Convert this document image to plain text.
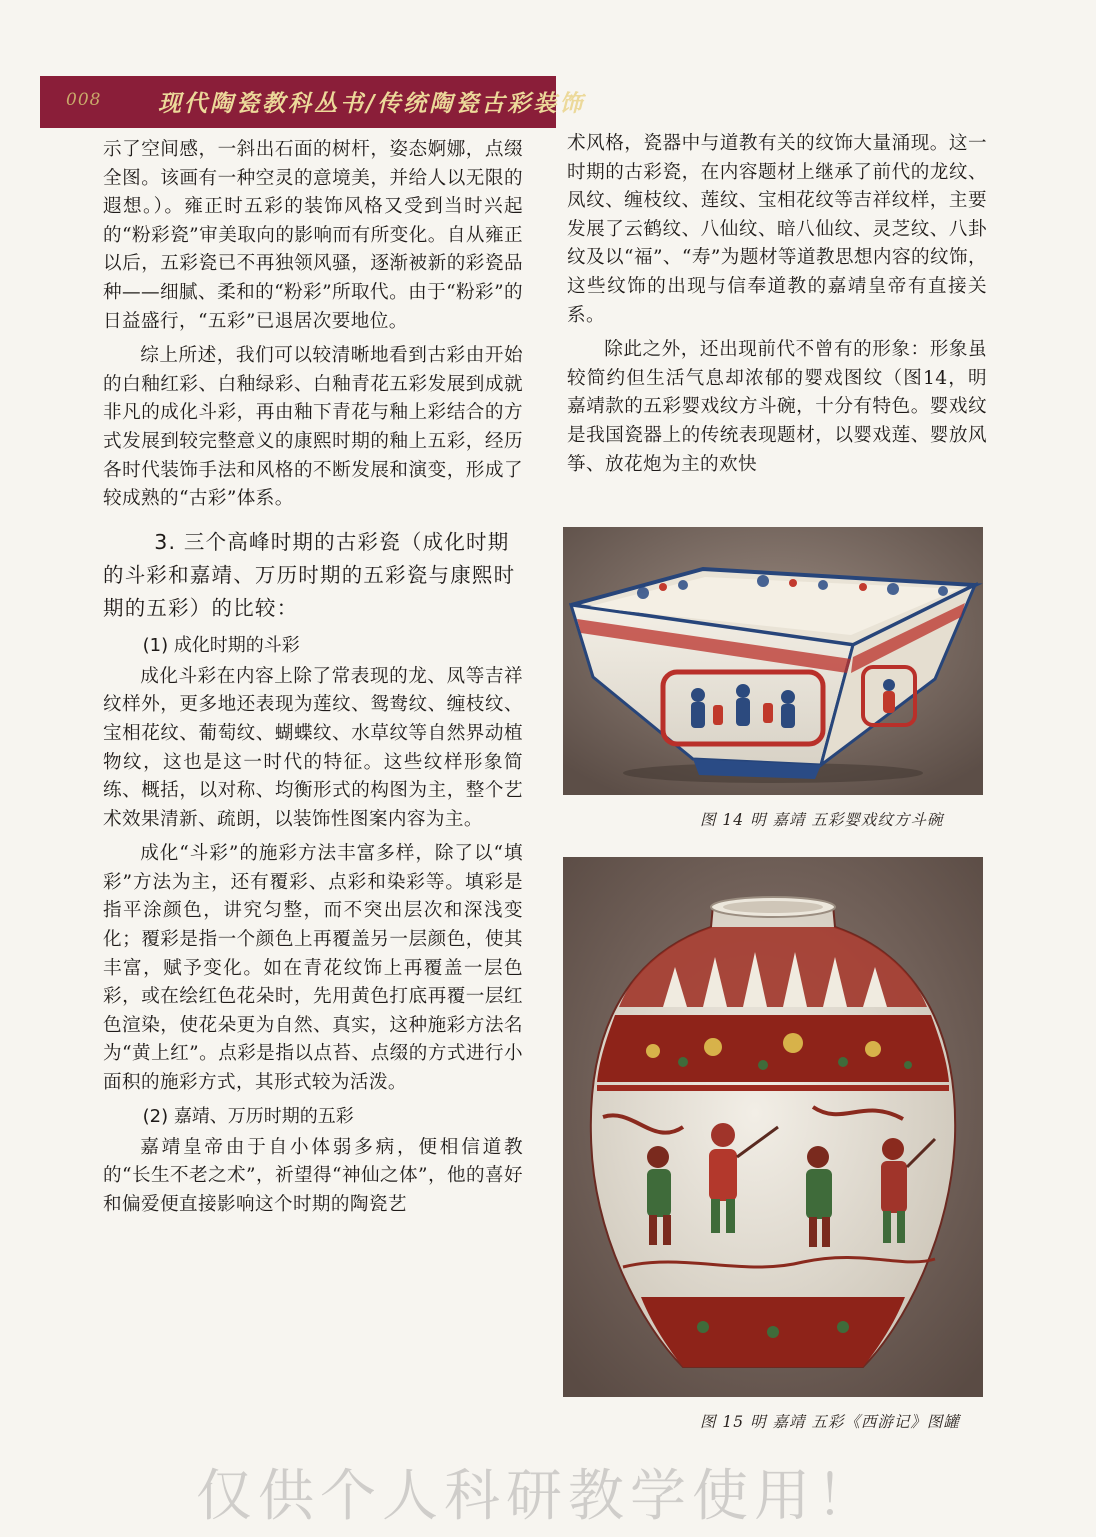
008 现代陶瓷教科丛书/传统陶瓷古彩装饰

示了空间感，一斜出石面的树杆，姿态婀娜，点缀全图。该画有一种空灵的意境美，并给人以无限的遐想。）。雍正时五彩的装饰风格又受到当时兴起的“粉彩瓷”审美取向的影响而有所变化。自从雍正以后，五彩瓷已不再独领风骚，逐渐被新的彩瓷品种——细腻、柔和的“粉彩”所取代。由于“粉彩”的日益盛行，“五彩”已退居次要地位。

综上所述，我们可以较清晰地看到古彩由开始的白釉红彩、白釉绿彩、白釉青花五彩发展到成就非凡的成化斗彩，再由釉下青花与釉上彩结合的方式发展到较完整意义的康熙时期的釉上五彩，经历各时代装饰手法和风格的不断发展和演变，形成了较成熟的“古彩”体系。

3. 三个高峰时期的古彩瓷（成化时期的斗彩和嘉靖、万历时期的五彩瓷与康熙时期的五彩）的比较：
(1) 成化时期的斗彩

成化斗彩在内容上除了常表现的龙、凤等吉祥纹样外，更多地还表现为莲纹、鸳鸯纹、缠枝纹、宝相花纹、葡萄纹、蝴蝶纹、水草纹等自然界动植物纹，这也是这一时代的特征。这些纹样形象简练、概括，以对称、均衡形式的构图为主，整个艺术效果清新、疏朗，以装饰性图案内容为主。

成化“斗彩”的施彩方法丰富多样，除了以“填彩”方法为主，还有覆彩、点彩和染彩等。填彩是指平涂颜色，讲究匀整，而不突出层次和深浅变化；覆彩是指一个颜色上再覆盖另一层颜色，使其丰富，赋予变化。如在青花纹饰上再覆盖一层色彩，或在绘红色花朵时，先用黄色打底再覆一层红色渲染，使花朵更为自然、真实，这种施彩方法名为“黄上红”。点彩是指以点苔、点缀的方式进行小面积的施彩方式，其形式较为活泼。

(2) 嘉靖、万历时期的五彩

嘉靖皇帝由于自小体弱多病，便相信道教的“长生不老之术”，祈望得“神仙之体”，他的喜好和偏爱便直接影响这个时期的陶瓷艺

术风格，瓷器中与道教有关的纹饰大量涌现。这一时期的古彩瓷，在内容题材上继承了前代的龙纹、凤纹、缠枝纹、莲纹、宝相花纹等吉祥纹样，主要发展了云鹤纹、八仙纹、暗八仙纹、灵芝纹、八卦纹及以“福”、“寿”为题材等道教思想内容的纹饰，这些纹饰的出现与信奉道教的嘉靖皇帝有直接关系。

除此之外，还出现前代不曾有的形象：形象虽较简约但生活气息却浓郁的婴戏图纹（图14，明嘉靖款的五彩婴戏纹方斗碗，十分有特色。婴戏纹是我国瓷器上的传统表现题材，以婴戏莲、婴放风筝、放花炮为主的欢快

图 14 明 嘉靖 五彩婴戏纹方斗碗
图 15 明 嘉靖 五彩《西游记》图罐
仅供个人科研教学使用！
